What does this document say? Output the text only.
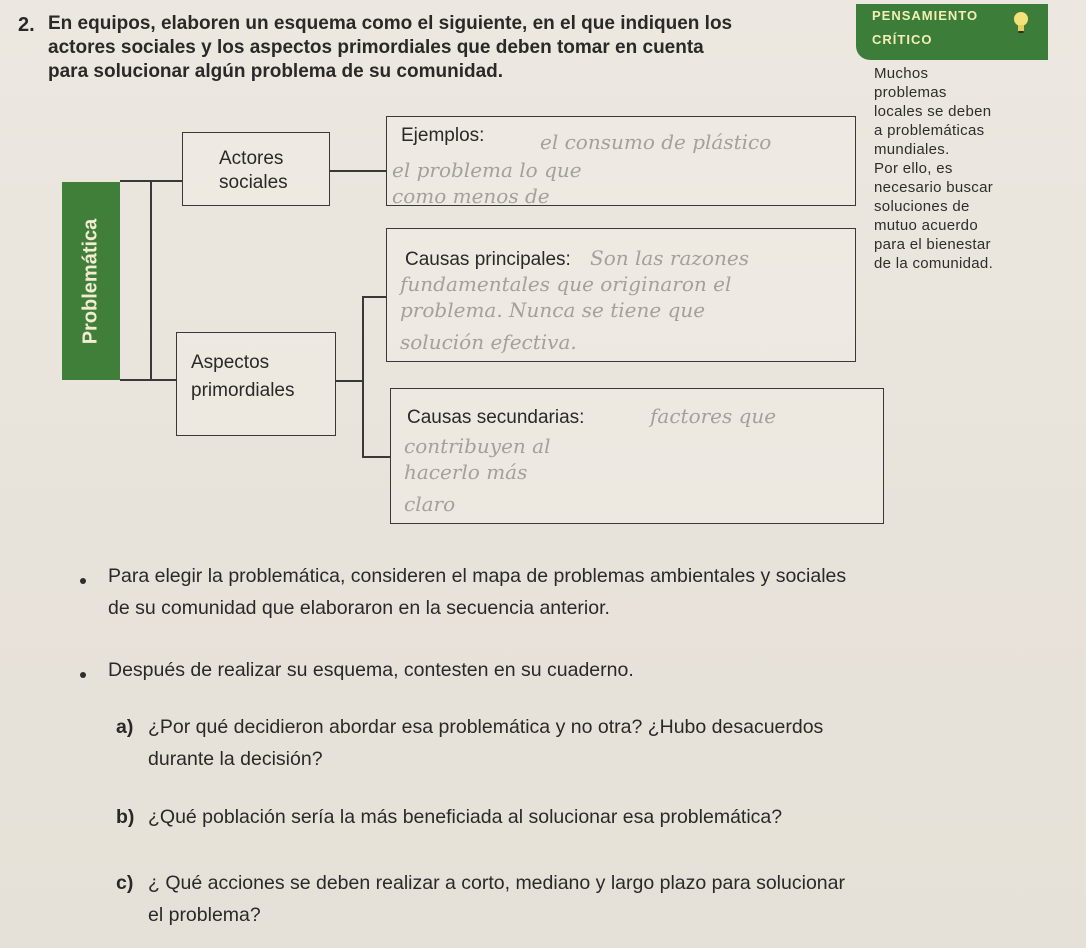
2. En equipos, elaboren un esquema como el siguiente, en el que indiquen los
actores sociales y los aspectos primordiales que deben tomar en cuenta
para solucionar algún problema de su comunidad.
PENSAMIENTO
CRÍTICO
Muchos
problemas
locales se deben
a problemáticas
mundiales.
Por ello, es
necesario buscar
soluciones de
mutuo acuerdo
para el bienestar
de la comunidad.
Problemática
Actores
sociales
Aspectos
primordiales
Ejemplos:	el consumo de plástico
el problema lo que
como menos de
Causas principales: Son las razones
fundamentales que originaron el
problema. Nunca se tiene que
solución efectiva.
Causas secundarias:	factores que
contribuyen al
hacerlo más
claro
Para elegir la problemática, consideren el mapa de problemas ambientales y sociales
de su comunidad que elaboraron en la secuencia anterior.
Después de realizar su esquema, contesten en su cuaderno.
a) ¿Por qué decidieron abordar esa problemática y no otra? ¿Hubo desacuerdos
durante la decisión?
b) ¿Qué población sería la más beneficiada al solucionar esa problemática?
c) ¿ Qué acciones se deben realizar a corto, mediano y largo plazo para solucionar
el problema?
